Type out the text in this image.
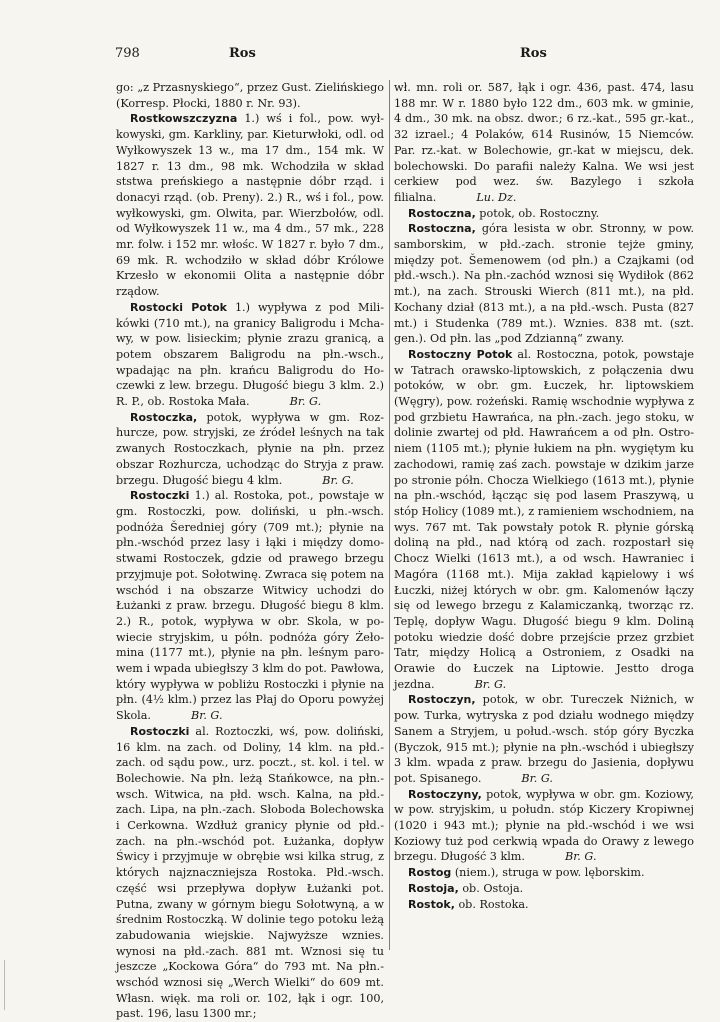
798	Ros	Ros

go: „z Przasnyskiego“, przez Gust. Zielińskiego (Korresp. Płocki, 1880 r. Nr. 93).

Rostkowszczyzna 1.) wś i fol., pow. wyłkowyski, gm. Karkliny, par. Kieturwłoki, odl. od Wyłkowyszek 13 w., ma 17 dm., 154 mk. W 1827 r. 13 dm., 98 mk. Wchodziła w skład ststwa preńskiego a następnie dóbr rząd. i donacyi rząd. (ob. Preny). 2.) R., wś i fol., pow. wyłkowyski, gm. Olwita, par. Wierzbołów, odl. od Wyłkowyszek 11 w., ma 4 dm., 57 mk., 228 mr. folw. i 152 mr. włośc. W 1827 r. było 7 dm., 69 mk. R. wchodziło w skład dóbr Królowe Krzesło w ekonomii Olita a następnie dóbr rządow.

Rostocki Potok 1.) wypływa z pod Milikówki (710 mt.), na granicy Baligrodu i Mchawy, w pow. lisieckim; płynie zrazu granicą, a potem obszarem Baligrodu na płn.-wsch., wpadając na płn. krańcu Baligrodu do Hoczewki z lew. brzegu. Długość biegu 3 klm. 2.) R. P., ob. Rostoka Mała.	Br. G.

Rostoczka, potok, wypływa w gm. Rozhurcze, pow. stryjski, ze źródeł leśnych na tak zwanych Rostoczkach, płynie na płn. przez obszar Rozhurcza, uchodząc do Stryja z praw. brzegu. Długość biegu 4 klm.	Br. G.

Rostoczki 1.) al. Rostoka, pot., powstaje w gm. Rostoczki, pow. doliński, u płn.-wsch. podnóża Šeredniej góry (709 mt.); płynie na płn.-wschód przez lasy i łąki i między domostwami Rostoczek, gdzie od prawego brzegu przyjmuje pot. Sołotwinę. Zwraca się potem na wschód i na obszarze Witwicy uchodzi do Łużanki z praw. brzegu. Długość biegu 8 klm. 2.) R., potok, wypływa w obr. Skola, w powiecie stryjskim, u półn. podnóża góry Żełomina (1177 mt.), płynie na płn. leśnym parowem i wpada ubiegłszy 3 klm do pot. Pawłowa, który wypływa w pobliżu Rostoczki i płynie na płn. (4½ klm.) przez las Płaj do Oporu powyżej Skola.	Br. G.

Rostoczki al. Roztoczki, wś, pow. doliński, 16 klm. na zach. od Doliny, 14 klm. na płd.-zach. od sądu pow., urz. poczt., st. kol. i tel. w Bolechowie. Na płn. leżą Stańkowce, na płn.-wsch. Witwica, na płd. wsch. Kalna, na płd.-zach. Lipa, na płn.-zach. Słoboda Bolechowska i Cerkowna. Wzdłuż granicy płynie od płd.-zach. na płn.-wschód pot. Łużanka, dopływ Świcy i przyjmuje w obrębie wsi kilka strug, z których najznaczniejsza Rostoka. Płd.-wsch. część wsi przepływa dopływ Łużanki pot. Putna, zwany w górnym biegu Sołotwyną, a w średnim Rostoczką. W dolinie tego potoku leżą zabudowania wiejskie. Najwyższe wznies. wynosi na płd.-zach. 881 mt. Wznosi się tu jeszcze „Kockowa Góra“ do 793 mt. Na płn.-wschód wznosi się „Werch Wielki“ do 609 mt. Własn. więk. ma roli or. 102, łąk i ogr. 100, past. 196, lasu 1300 mr.;

wł. mn. roli or. 587, łąk i ogr. 436, past. 474, lasu 188 mr. W r. 1880 było 122 dm., 603 mk. w gminie, 4 dm., 30 mk. na obsz. dwor.; 6 rz.-kat., 595 gr.-kat., 32 izrael.; 4 Polaków, 614 Rusinów, 15 Niemców. Par. rz.-kat. w Bolechowie, gr.-kat w miejscu, dek. bolechowski. Do parafii należy Kalna. We wsi jest cerkiew pod wez. św. Bazylego i szkoła filialna.	Lu. Dz.

Rostoczna, potok, ob. Rostoczny.

Rostoczna, góra lesista w obr. Stronny, w pow. samborskim, w płd.-zach. stronie tejże gminy, między pot. Šemenowem (od płn.) a Czajkami (od płd.-wsch.). Na płn.-zachód wznosi się Wydiłok (862 mt.), na zach. Strouski Wierch (811 mt.), na płd. Kochany dział (813 mt.), a na płd.-wsch. Pusta (827 mt.) i Studenka (789 mt.). Wznies. 838 mt. (szt. gen.). Od płn. las „pod Zdzianną“ zwany.

Rostoczny Potok al. Rostoczna, potok, powstaje w Tatrach orawsko-liptowskich, z połączenia dwu potoków, w obr. gm. Łuczek, hr. liptowskiem (Węgry), pow. rożeński. Ramię wschodnie wypływa z pod grzbietu Hawrańca, na płn.-zach. jego stoku, w dolinie zwartej od płd. Hawrańcem a od płn. Ostroniem (1105 mt.); płynie łukiem na płn. wygiętym ku zachodowi, ramię zaś zach. powstaje w dzikim jarze po stronie półn. Chocza Wielkiego (1613 mt.), płynie na płn.-wschód, łącząc się pod lasem Praszywą, u stóp Holicy (1089 mt.), z ramieniem wschodniem, na wys. 767 mt. Tak powstały potok R. płynie górską doliną na płd., nad którą od zach. rozpostarł się Chocz Wielki (1613 mt.), a od wsch. Hawraniec i Magóra (1168 mt.). Mija zakład kąpielowy i wś Łuczki, niżej których w obr. gm. Kalomenów łączy się od lewego brzegu z Kalamiczanką, tworząc rz. Teplę, dopływ Wagu. Długość biegu 9 klm. Doliną potoku wiedzie dość dobre przejście przez grzbiet Tatr, między Holicą a Ostroniem, z Osadki na Orawie do Łuczek na Liptowie. Jestto droga jezdna.	Br. G.

Rostoczyn, potok, w obr. Tureczek Niżnich, w pow. Turka, wytryska z pod działu wodnego między Sanem a Stryjem, u połud.-wsch. stóp góry Byczka (Byczok, 915 mt.); płynie na płn.-wschód i ubiegłszy 3 klm. wpada z praw. brzegu do Jasienia, dopływu pot. Spisanego.	Br. G.

Rostoczyny, potok, wypływa w obr. gm. Koziowy, w pow. stryjskim, u połudn. stóp Kiczery Kropiwnej (1020 i 943 mt.); płynie na płd.-wschód i we wsi Koziowy tuż pod cerkwią wpada do Orawy z lewego brzegu. Długość 3 klm.	Br. G.

Rostog (niem.), struga w pow. lęborskim.

Rostoja, ob. Ostoja.

Rostok, ob. Rostoka.
